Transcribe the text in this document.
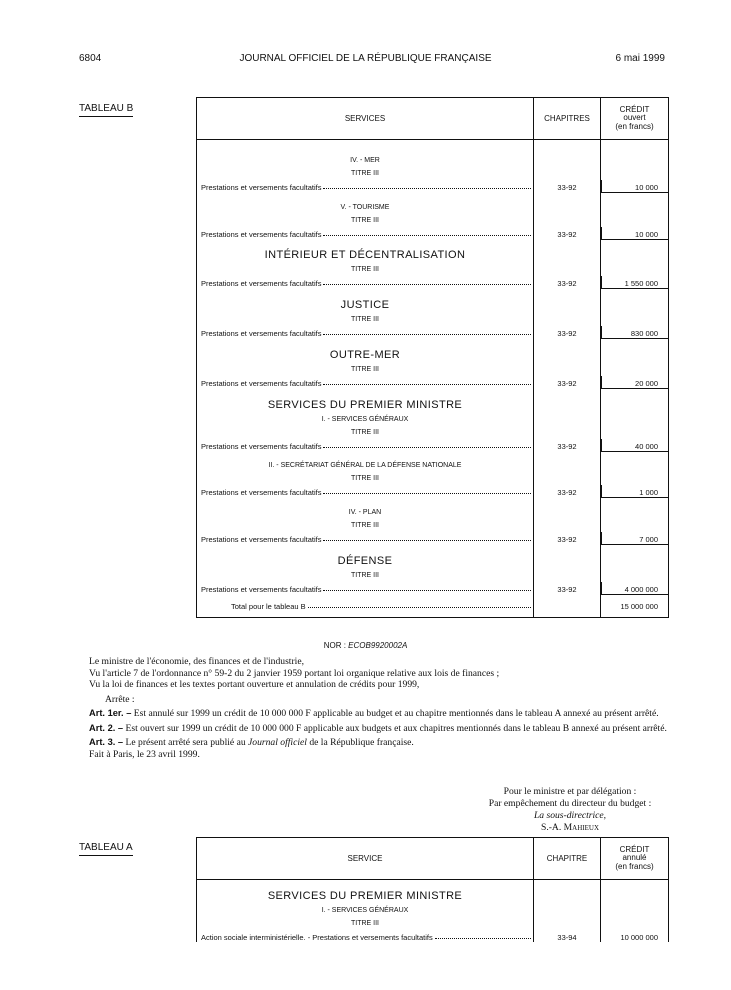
6804	JOURNAL OFFICIEL DE LA RÉPUBLIQUE FRANÇAISE	6 mai 1999
TABLEAU B
SERVICES	CHAPITRES	CRÉDIT
ouvert
(en francs)

IV. - MER
TITRE III
Prestations et versements facultatifs	33-92	10 000

V. - TOURISME
TITRE III
Prestations et versements facultatifs	33-92	10 000

INTÉRIEUR ET DÉCENTRALISATION
TITRE III
Prestations et versements facultatifs	33-92	1 550 000

JUSTICE
TITRE III
Prestations et versements facultatifs	33-92	830 000

OUTRE-MER
TITRE III
Prestations et versements facultatifs	33-92	20 000

SERVICES DU PREMIER MINISTRE
I. - SERVICES GÉNÉRAUX
TITRE III
Prestations et versements facultatifs	33-92	40 000

II. - SECRÉTARIAT GÉNÉRAL DE LA DÉFENSE NATIONALE
TITRE III
Prestations et versements facultatifs	33-92	1 000

IV. - PLAN
TITRE III
Prestations et versements facultatifs	33-92	7 000

DÉFENSE
TITRE III
Prestations et versements facultatifs	33-92	4 000 000

Total pour le tableau B		15 000 000
NOR : ECOB9920002A

Le ministre de l'économie, des finances et de l'industrie,

Vu l'article 7 de l'ordonnance n° 59-2 du 2 janvier 1959 portant loi organique relative aux lois de finances ;

Vu la loi de finances et les textes portant ouverture et annulation de crédits pour 1999,

Arrête :

Art. 1er. – Est annulé sur 1999 un crédit de 10 000 000 F applicable au budget et au chapitre mentionnés dans le tableau A annexé au présent arrêté.

Art. 2. – Est ouvert sur 1999 un crédit de 10 000 000 F applicable aux budgets et aux chapitres mentionnés dans le tableau B annexé au présent arrêté.

Art. 3. – Le présent arrêté sera publié au Journal officiel de la République française.

Fait à Paris, le 23 avril 1999.

Pour le ministre et par délégation :
Par empêchement du directeur du budget :
La sous-directrice,
S.-A. Mahieux
TABLEAU A
SERVICE	CHAPITRE	CRÉDIT
annulé
(en francs)

SERVICES DU PREMIER MINISTRE
I. - SERVICES GÉNÉRAUX
TITRE III
Action sociale interministérielle. - Prestations et versements facultatifs	33-94	10 000 000
